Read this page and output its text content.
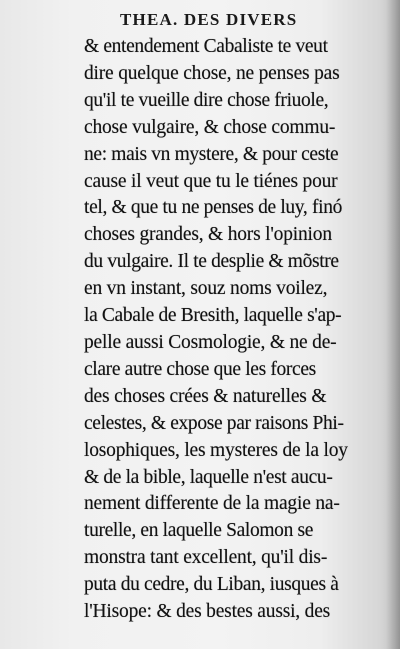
THEA. DES DIVERS
& entendement Cabaliste te veut
dire quelque chose, ne penses pas
qu'il te vueille dire chose friuole,
chose vulgaire, & chose commu-
ne: mais vn mystere, & pour ceste
cause il veut que tu le tiénes pour
tel, & que tu ne penses de luy, finó
choses grandes, & hors l'opinion
du vulgaire. Il te desplie & mõstre
en vn instant, souz noms voilez,
la Cabale de Bresith, laquelle s'ap-
pelle aussi Cosmologie, & ne de-
clare autre chose que les forces
des choses crées & naturelles &
celestes, & expose par raisons Phi-
losophiques, les mysteres de la loy
& de la bible, laquelle n'est aucu-
nement differente de la magie na-
turelle, en laquelle Salomon se
monstra tant excellent, qu'il dis-
puta du cedre, du Liban, iusques à
l'Hisope: & des bestes aussi, des
